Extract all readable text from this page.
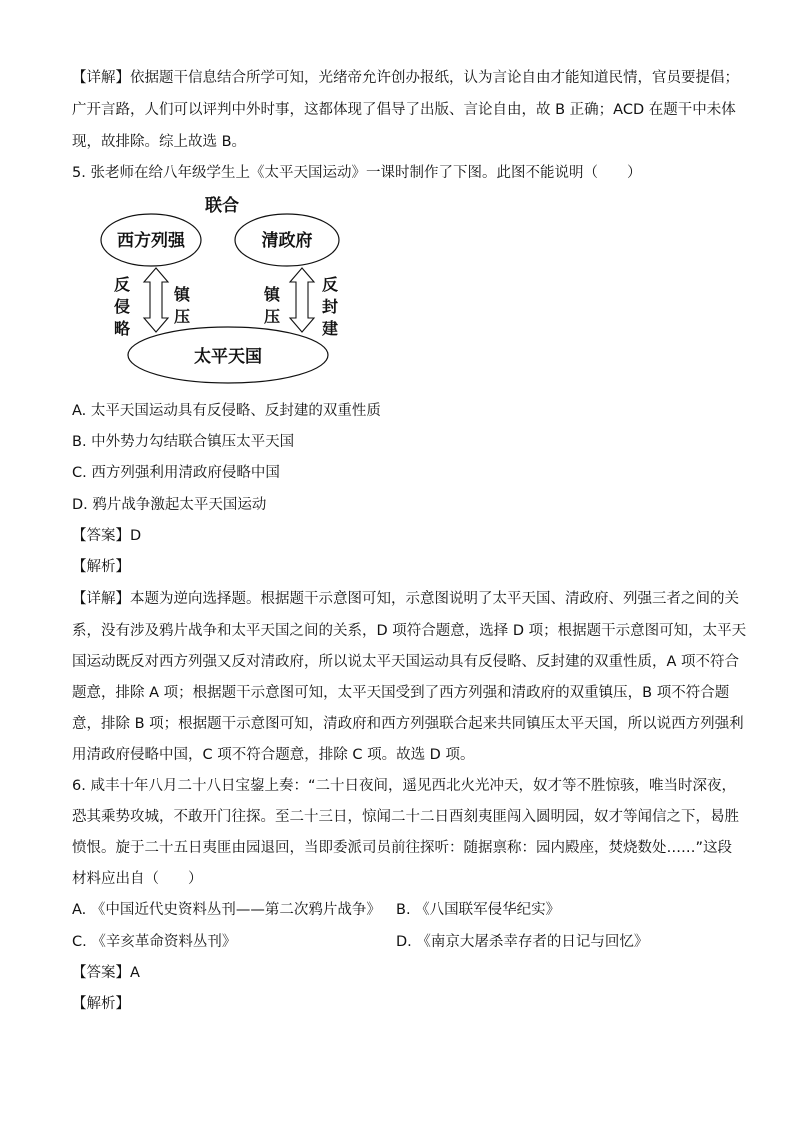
【详解】依据题干信息结合所学可知，光绪帝允许创办报纸，认为言论自由才能知道民情，官员要提倡；
广开言路，人们可以评判中外时事，这都体现了倡导了出版、言论自由，故 B 正确；ACD 在题干中未体
现，故排除。综上故选 B。
5. 张老师在给八年级学生上《太平天国运动》一课时制作了下图。此图不能说明（　　）
联合
西方列强	清政府
太平天国
反
侵
略
镇
压
镇
压
反
封
建
A. 太平天国运动具有反侵略、反封建的双重性质
B. 中外势力勾结联合镇压太平天国
C. 西方列强利用清政府侵略中国
D. 鸦片战争激起太平天国运动
【答案】D
【解析】
【详解】本题为逆向选择题。根据题干示意图可知，示意图说明了太平天国、清政府、列强三者之间的关
系，没有涉及鸦片战争和太平天国之间的关系，D 项符合题意，选择 D 项；根据题干示意图可知，太平天
国运动既反对西方列强又反对清政府，所以说太平天国运动具有反侵略、反封建的双重性质，A 项不符合
题意，排除 A 项；根据题干示意图可知，太平天国受到了西方列强和清政府的双重镇压，B 项不符合题
意，排除 B 项；根据题干示意图可知，清政府和西方列强联合起来共同镇压太平天国，所以说西方列强利
用清政府侵略中国，C 项不符合题意，排除 C 项。故选 D 项。
6. 咸丰十年八月二十八日宝鋆上奏：“二十日夜间，遥见西北火光冲天，奴才等不胜惊骇，唯当时深夜，
恐其乘势攻城，不敢开门往探。至二十三日，惊闻二十二日酉刻夷匪闯入圆明园，奴才等闻信之下，曷胜
愤恨。旋于二十五日夷匪由园退回，当即委派司员前往探听：随据禀称：园内殿座，焚烧数处……”这段
材料应出自（　　）
A. 《中国近代史资料丛刊——第二次鸦片战争》 B. 《八国联军侵华纪实》
C. 《辛亥革命资料丛刊》	D. 《南京大屠杀幸存者的日记与回忆》
【答案】A
【解析】
